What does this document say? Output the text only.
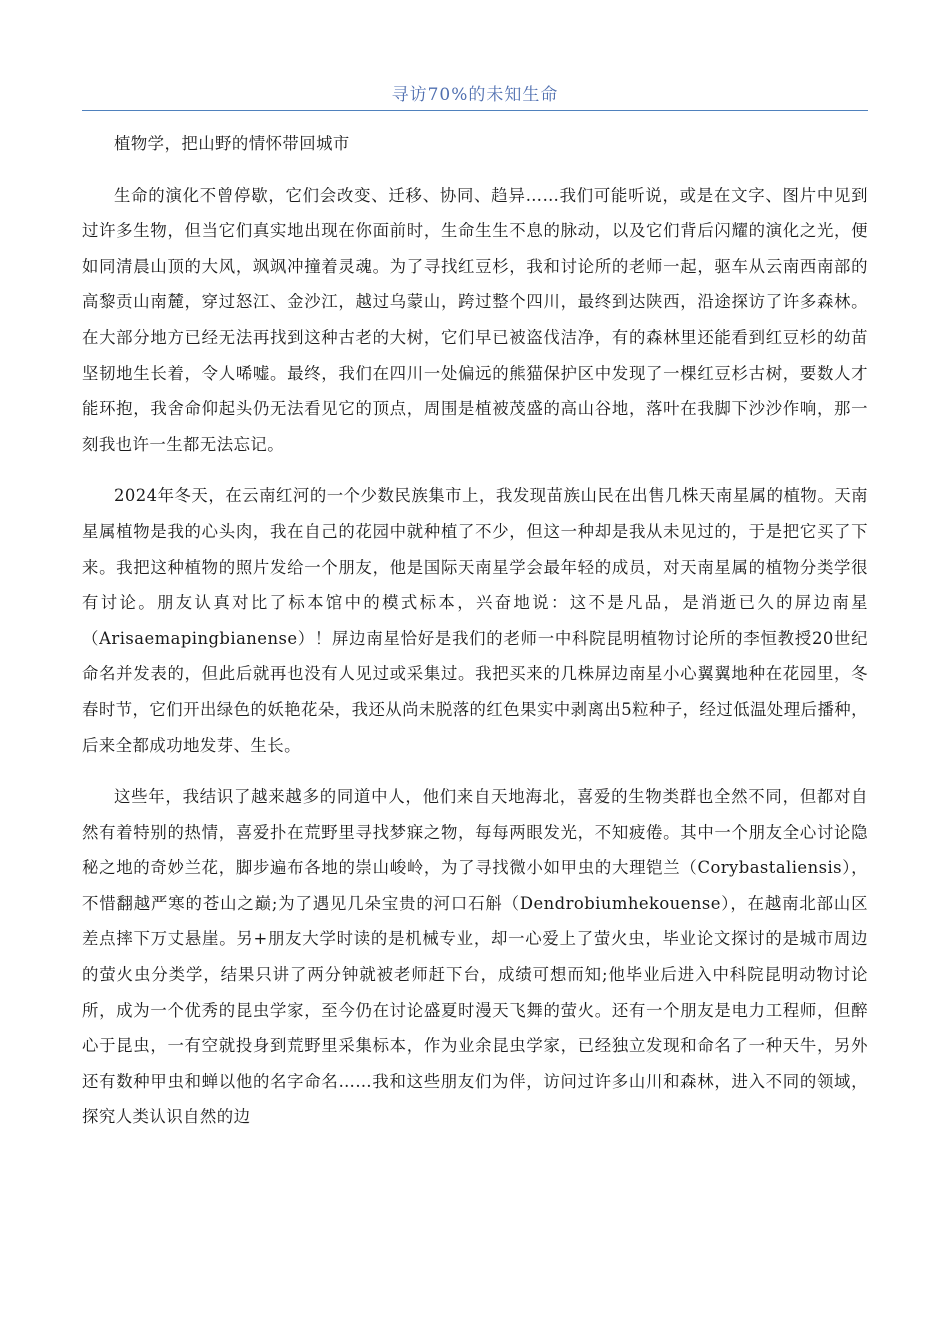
寻访70%的未知生命

植物学，把山野的情怀带回城市

生命的演化不曾停歇，它们会改变、迁移、协同、趋异……我们可能听说，或是在文字、图片中见到过许多生物，但当它们真实地出现在你面前时，生命生生不息的脉动，以及它们背后闪耀的演化之光，便如同清晨山顶的大风，飒飒冲撞着灵魂。为了寻找红豆杉，我和讨论所的老师一起，驱车从云南西南部的高黎贡山南麓，穿过怒江、金沙江，越过乌蒙山，跨过整个四川，最终到达陕西，沿途探访了许多森林。在大部分地方已经无法再找到这种古老的大树，它们早已被盗伐洁净，有的森林里还能看到红豆杉的幼苗坚韧地生长着，令人唏嘘。最终，我们在四川一处偏远的熊猫保护区中发现了一棵红豆杉古树，要数人才能环抱，我舍命仰起头仍无法看见它的顶点，周围是植被茂盛的高山谷地，落叶在我脚下沙沙作响，那一刻我也许一生都无法忘记。

2024年冬天，在云南红河的一个少数民族集市上，我发现苗族山民在出售几株天南星属的植物。天南星属植物是我的心头肉，我在自己的花园中就种植了不少，但这一种却是我从未见过的，于是把它买了下来。我把这种植物的照片发给一个朋友，他是国际天南星学会最年轻的成员，对天南星属的植物分类学很有讨论。朋友认真对比了标本馆中的模式标本，兴奋地说：这不是凡品，是消逝已久的屏边南星（Arisaemapingbianense）！屏边南星恰好是我们的老师一中科院昆明植物讨论所的李恒教授20世纪命名并发表的，但此后就再也没有人见过或采集过。我把买来的几株屏边南星小心翼翼地种在花园里，冬春时节，它们开出绿色的妖艳花朵，我还从尚未脱落的红色果实中剥离出5粒种子，经过低温处理后播种，后来全都成功地发芽、生长。

这些年，我结识了越来越多的同道中人，他们来自天地海北，喜爱的生物类群也全然不同，但都对自然有着特别的热情，喜爱扑在荒野里寻找梦寐之物，每每两眼发光，不知疲倦。其中一个朋友全心讨论隐秘之地的奇妙兰花，脚步遍布各地的崇山峻岭，为了寻找微小如甲虫的大理铠兰（Corybastaliensis），不惜翻越严寒的苍山之巅;为了遇见几朵宝贵的河口石斛（Dendrobiumhekouense），在越南北部山区差点摔下万丈悬崖。另+朋友大学时读的是机械专业，却一心爱上了萤火虫，毕业论文探讨的是城市周边的萤火虫分类学，结果只讲了两分钟就被老师赶下台，成绩可想而知;他毕业后进入中科院昆明动物讨论所，成为一个优秀的昆虫学家，至今仍在讨论盛夏时漫天飞舞的萤火。还有一个朋友是电力工程师，但醉心于昆虫，一有空就投身到荒野里采集标本，作为业余昆虫学家，已经独立发现和命名了一种天牛，另外还有数种甲虫和蝉以他的名字命名……我和这些朋友们为伴，访问过许多山川和森林，进入不同的领域，探究人类认识自然的边
